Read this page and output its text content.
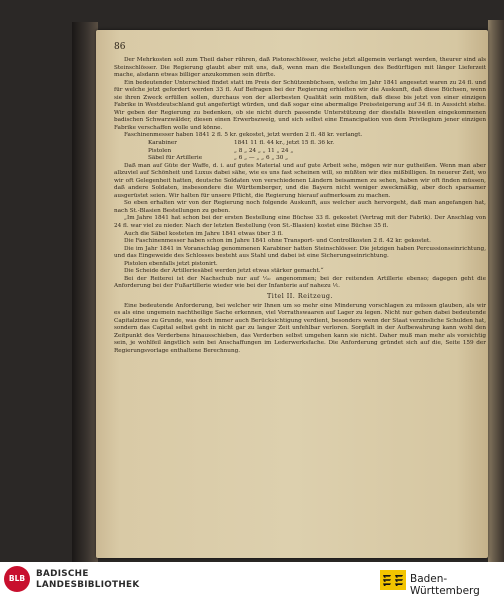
86

Der Mehrkosten soll zum Theil daher rühren, daß Pistonschlösser, welche jetzt allgemein verlangt werden, theurer sind als Steinschlösser. Die Regierung glaubt aber mit uns, daß, wenn man die Bestellungen des Bedürftigen mit länger Lieferzeit mache, alsdann etwas billiger anzukommen sein dürfte.

Ein bedeutender Unterschied findet statt im Preis der Schützenbüchsen, welche im Jahr 1841 angesetzt waren zu 24 fl. und für welche jetzt gefordert werden 33 fl. Auf Befragen bei der Regierung erhielten wir die Auskunft, daß diese Büchsen, wenn sie ihren Zweck erfüllen sollen, durchaus von der allerbesten Qualität sein müßten, daß diese bis jetzt von einer einzigen Fabrike in Westdeutschland gut angefertigt würden, und daß sogar eine abermalige Preissteigerung auf 34 fl. in Aussicht stehe. Wir geben der Regierung zu bedenken, ob sie nicht durch passende Unterstützung der diesfalls bisweilen eingekommenen badischen Schwarzwälder, diesen einen Erwerbszweig, und sich selbst eine Emancipation von dem Privilegium jener einzigen Fabrike verschaffen wolle und könne.

Faschinenmesser haben 1841 2 fl. 5 kr. gekostet, jetzt werden 2 fl. 48 kr. verlangt.

Karabiner	1841 11 fl. 44 kr., jetzt 15 fl. 36 kr.
Pistolen	„ 8 „ 24 „ „ 11 „ 24 „
Säbel für Artillerie	„ 6 „ — „ „ 6 „ 30 „

Daß man auf Güte der Waffe, d. i. auf gutes Material und auf gute Arbeit sehe, mögen wir nur gutheißen. Wenn man aber allzuviel auf Schönheit und Luxus dabei sähe, wie es uns fast scheinen will, so müßten wir dies mißbilligen. In neuerer Zeit, wo wir oft Gelegenheit hatten, deutsche Soldaten von verschiedenen Ländern beisammen zu sehen, haben wir oft finden müssen, daß andere Soldaten, insbesondere die Württemberger, und die Bayern nicht weniger zweckmäßig, aber doch sparsamer ausgerüstet seien. Wir halten für unsere Pflicht, die Regierung hierauf aufmerksam zu machen.

So eben erhalten wir von der Regierung noch folgende Auskunft, aus welcher auch hervorgeht, daß man angefangen hat, nach St.-Blasien Bestellungen zu geben.

„Im Jahre 1841 hat schon bei der ersten Bestellung eine Büchse 33 fl. gekostet (Vertrag mit der Fabrik). Der Anschlag von 24 fl. war viel zu nieder. Nach der letzten Bestellung (von St.-Blasien) kostet eine Büchse 35 fl.

Auch die Säbel kosteten im Jahre 1841 etwas über 3 fl.

Die Faschinenmesser haben schon im Jahre 1841 ohne Transport- und Controllkosten 2 fl. 42 kr. gekostet.

Die im Jahr 1841 in Voranschlag genommenen Karabiner hatten Steinschlösser. Die jetzigen haben Percussionseinrichtung, und das Eingeweide des Schlosses besteht aus Stahl und dabei ist eine Sicherungseinrichtung.

Pistolen ebenfalls jetzt pistonirt.

Die Scheide der Artilleriesäbel werden jetzt etwas stärker gemacht.“

Bei der Reiterei ist der Nachschub nur auf ⅒ angenommen; bei der reitenden Artillerie ebenso; dagegen geht die Anforderung bei der Fußartillerie wieder wie bei der Infanterie auf nahezu ⅕.

Titel II. Reitzeug.

Eine bedeutende Anforderung, bei welcher wir Ihnen um so mehr eine Minderung vorschlagen zu müssen glauben, als wir es als eine ungemein nachtheilige Sache erkennen, viel Vorrathswaaren auf Lager zu legen. Nicht nur gehen dabei bedeutende Capitalzinse zu Grunde, was doch immer auch Berücksichtigung verdient, besonders wenn der Staat verzinsliche Schulden hat, sondern das Capital selbst geht in nicht gar zu langer Zeit unfehlbar verloren. Sorgfalt in der Aufbewahrung kann wohl den Zeitpunkt des Verderbens hinausschieben, das Verderben selbst umgehen kann sie nicht. Daher muß man mehr als vorsichtig sein, je wohlfeil ängstlich sein bei Anschaffungen im Lederwerksfache. Die Anforderung gründet sich auf die, Seite 159 der Regierungsvorlage enthaltene Berechnung.

BLB	BADISCHE
LANDESBIBLIOTHEK	Baden-Württemberg
